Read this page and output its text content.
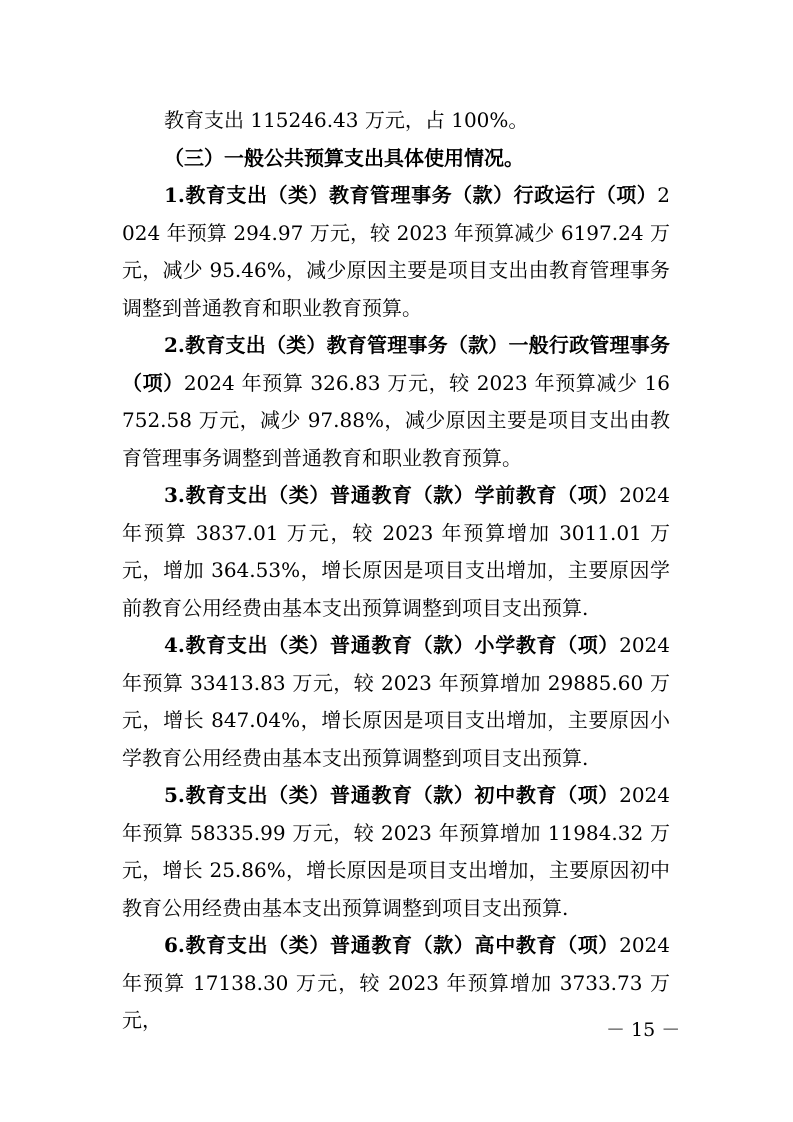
教育支出 115246.43 万元，占 100%。

（三）一般公共预算支出具体使用情况。

1.教育支出（类）教育管理事务（款）行政运行（项）2024 年预算 294.97 万元，较 2023 年预算减少 6197.24 万元，减少 95.46%，减少原因主要是项目支出由教育管理事务调整到普通教育和职业教育预算。

2.教育支出（类）教育管理事务（款）一般行政管理事务（项）2024 年预算 326.83 万元，较 2023 年预算减少 16752.58 万元，减少 97.88%，减少原因主要是项目支出由教育管理事务调整到普通教育和职业教育预算。

3.教育支出（类）普通教育（款）学前教育（项）2024 年预算 3837.01 万元，较 2023 年预算增加 3011.01 万元，增加 364.53%，增长原因是项目支出增加，主要原因学前教育公用经费由基本支出预算调整到项目支出预算.

4.教育支出（类）普通教育（款）小学教育（项）2024 年预算 33413.83 万元，较 2023 年预算增加 29885.60 万元，增长 847.04%，增长原因是项目支出增加，主要原因小学教育公用经费由基本支出预算调整到项目支出预算.

5.教育支出（类）普通教育（款）初中教育（项）2024 年预算 58335.99 万元，较 2023 年预算增加 11984.32 万元，增长 25.86%，增长原因是项目支出增加，主要原因初中教育公用经费由基本支出预算调整到项目支出预算.

6.教育支出（类）普通教育（款）高中教育（项）2024 年预算 17138.30 万元，较 2023 年预算增加 3733.73 万元，	－ 15 －
